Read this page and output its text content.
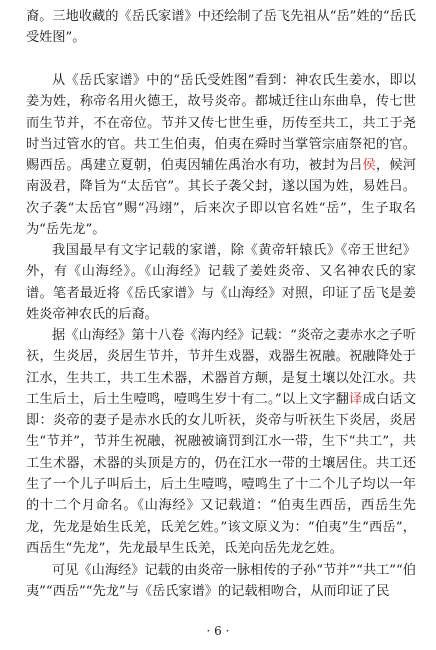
裔。三地收藏的《岳氏家谱》中还绘制了岳飞先祖从“岳”姓的“岳氏受姓图”。

从《岳氏家谱》中的“岳氏受姓图”看到：神农氏生姜水，即以姜为姓，称帝名用火德王，故号炎帝。都城迁往山东曲阜，传七世而生节并，不在帝位。节并又传七世生垂，历传至共工，共工于尧时当过管水的官。共工生伯夷，伯夷在舜时当掌管宗庙祭祀的官。赐西岳。禹建立夏朝，伯夷因辅佐禹治水有功，被封为吕侯，候河南汲君，降旨为“太岳官”。其长子袭父封，遂以国为姓，易姓吕。次子袭“太岳官”赐“冯翊”，后来次子即以官名姓“岳”，生子取名为“岳先龙”。

我国最早有文字记载的家谱，除《黄帝轩辕氏》《帝王世纪》外，有《山海经》。《山海经》记载了姜姓炎帝、又名神农氏的家谱。笔者最近将《岳氏家谱》与《山海经》对照，印证了岳飞是姜姓炎帝神农氏的后裔。

据《山海经》第十八卷《海内经》记载：“炎帝之妻赤水之子听祆，生炎居，炎居生节并，节并生戏器，戏器生祝融。祝融降处于江水，生共工，共工生术器，术器首方颠，是复土壤以处江水。共工生后土，后土生噎鸣，噎鸣生岁十有二。”以上文字翻译成白话文即：炎帝的妻子是赤水氏的女儿听祆，炎帝与听祆生下炎居，炎居生“节并”，节并生祝融，祝融被谪罚到江水一带，生下“共工”，共工生术器，术器的头顶是方的，仍在江水一带的土壤居住。共工还生了一个儿子叫后土，后土生噎鸣，噎鸣生了十二个儿子均以一年的十二个月命名。《山海经》又记载道：“伯夷生西岳，西岳生先龙，先龙是始生氐羌，氐羌乞姓。”该文原义为：“伯夷”生“西岳”，西岳生“先龙”，先龙最早生氐羌，氐羌向岳先龙乞姓。

可见《山海经》记载的由炎帝一脉相传的子孙“节并”“共工”“伯夷”“西岳”“先龙”与《岳氏家谱》的记载相吻合，从而印证了民

· 6 ·
